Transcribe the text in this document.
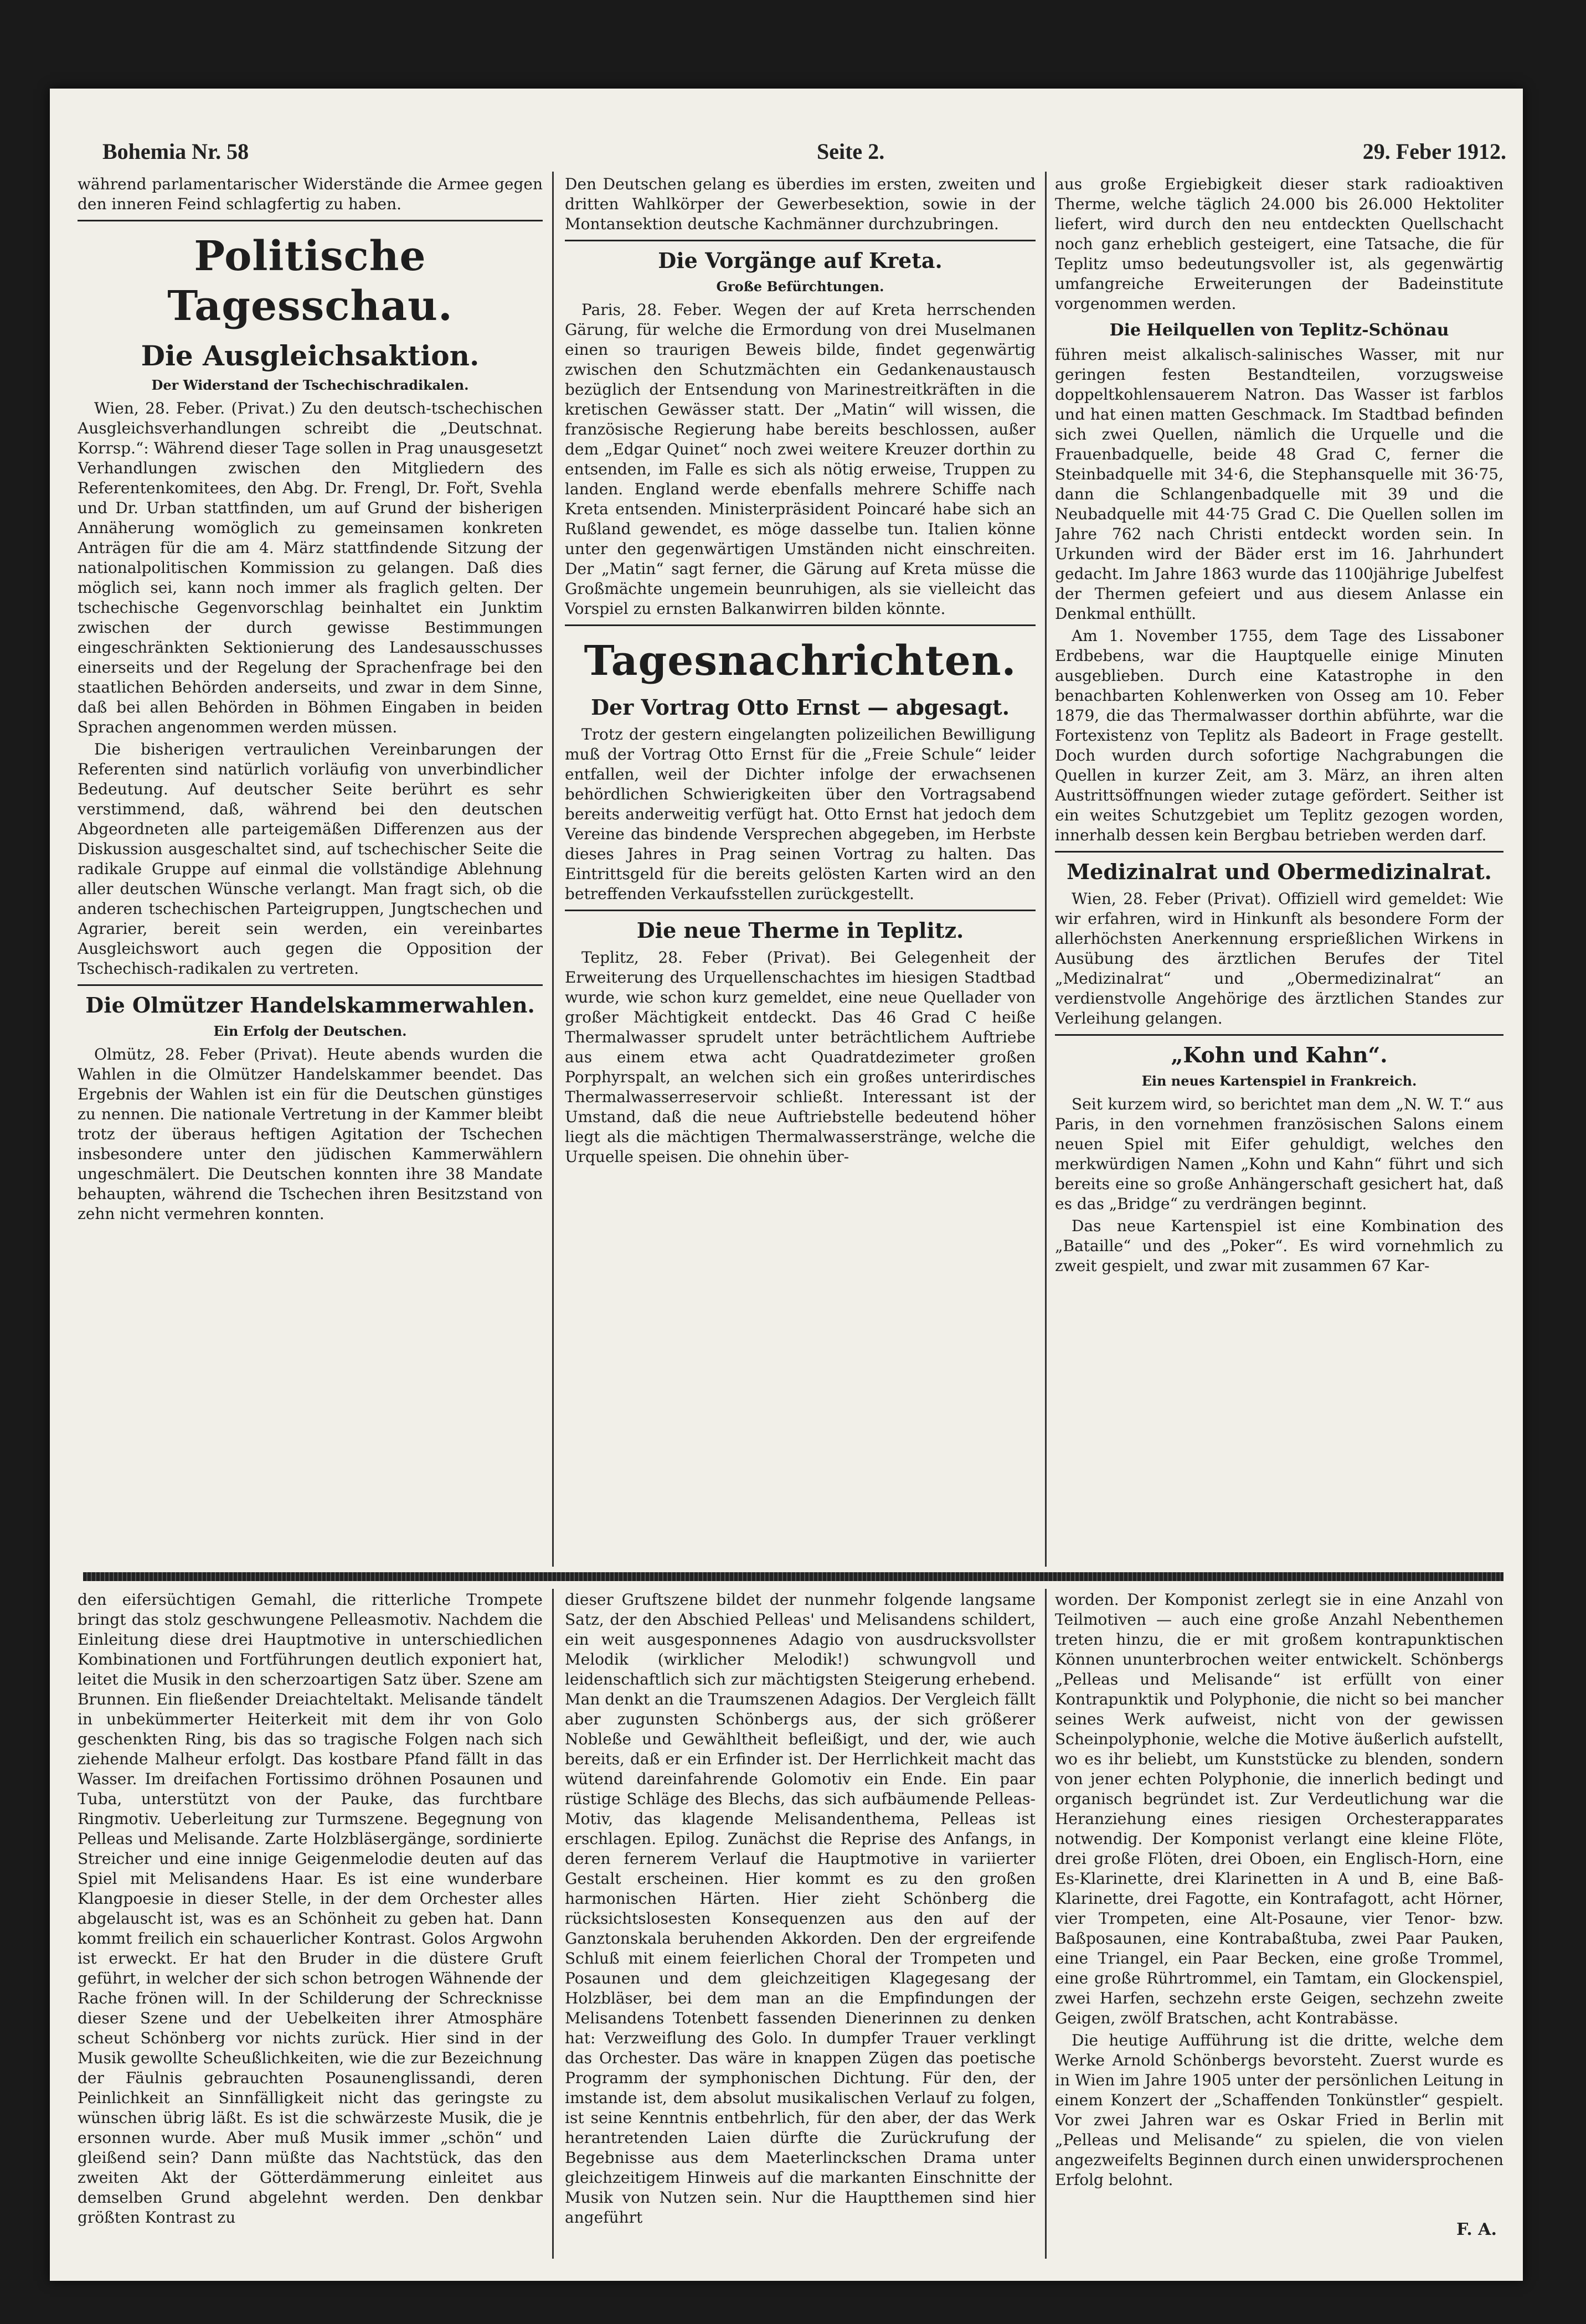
Bohemia Nr. 58	Seite 2.	29. Feber 1912.

während parlamentarischer Widerstände die Armee gegen den inneren Feind schlagfertig zu haben.

Politische Tagesschau.
Die Ausgleichsaktion.
Der Widerstand der Tschechischradikalen.

Wien, 28. Feber. (Privat.) Zu den deutsch-tschechischen Ausgleichsverhandlungen schreibt die „Deutschnat. Korrsp.“: Während dieser Tage sollen in Prag unausgesetzt Verhandlungen zwischen den Mitgliedern des Referentenkomitees, den Abg. Dr. Frengl, Dr. Fořt, Svehla und Dr. Urban stattfinden, um auf Grund der bisherigen Annäherung womöglich zu gemeinsamen konkreten Anträgen für die am 4. März stattfindende Sitzung der nationalpolitischen Kommission zu gelangen. Daß dies möglich sei, kann noch immer als fraglich gelten. Der tschechische Gegenvorschlag beinhaltet ein Junktim zwischen der durch gewisse Bestimmungen eingeschränkten Sektionierung des Landesausschusses einerseits und der Regelung der Sprachenfrage bei den staatlichen Behörden anderseits, und zwar in dem Sinne, daß bei allen Behörden in Böhmen Eingaben in beiden Sprachen angenommen werden müssen.

Die bisherigen vertraulichen Vereinbarungen der Referenten sind natürlich vorläufig von unverbindlicher Bedeutung. Auf deutscher Seite berührt es sehr verstimmend, daß, während bei den deutschen Abgeordneten alle parteigemäßen Differenzen aus der Diskussion ausgeschaltet sind, auf tschechischer Seite die radikale Gruppe auf einmal die vollständige Ablehnung aller deutschen Wünsche verlangt. Man fragt sich, ob die anderen tschechischen Parteigruppen, Jungtschechen und Agrarier, bereit sein werden, ein vereinbartes Ausgleichswort auch gegen die Opposition der Tschechisch-radikalen zu vertreten.

Die Olmützer Handelskammerwahlen.
Ein Erfolg der Deutschen.

Olmütz, 28. Feber (Privat). Heute abends wurden die Wahlen in die Olmützer Handelskammer beendet. Das Ergebnis der Wahlen ist ein für die Deutschen günstiges zu nennen. Die nationale Vertretung in der Kammer bleibt trotz der überaus heftigen Agitation der Tschechen insbesondere unter den jüdischen Kammerwählern ungeschmälert. Die Deutschen konnten ihre 38 Mandate behaupten, während die Tschechen ihren Besitzstand von zehn nicht vermehren konnten.

Den Deutschen gelang es überdies im ersten, zweiten und dritten Wahlkörper der Gewerbesektion, sowie in der Montansektion deutsche Kachmänner durchzubringen.

Die Vorgänge auf Kreta.
Große Befürchtungen.

Paris, 28. Feber. Wegen der auf Kreta herrschenden Gärung, für welche die Ermordung von drei Muselmanen einen so traurigen Beweis bilde, findet gegenwärtig zwischen den Schutzmächten ein Gedankenaustausch bezüglich der Entsendung von Marinestreitkräften in die kretischen Gewässer statt. Der „Matin“ will wissen, die französische Regierung habe bereits beschlossen, außer dem „Edgar Quinet“ noch zwei weitere Kreuzer dorthin zu entsenden, im Falle es sich als nötig erweise, Truppen zu landen. England werde ebenfalls mehrere Schiffe nach Kreta entsenden. Ministerpräsident Poincaré habe sich an Rußland gewendet, es möge dasselbe tun. Italien könne unter den gegenwärtigen Umständen nicht einschreiten. Der „Matin“ sagt ferner, die Gärung auf Kreta müsse die Großmächte ungemein beunruhigen, als sie vielleicht das Vorspiel zu ernsten Balkanwirren bilden könnte.

Tagesnachrichten.
Der Vortrag Otto Ernst — abgesagt.

Trotz der gestern eingelangten polizeilichen Bewilligung muß der Vortrag Otto Ernst für die „Freie Schule“ leider entfallen, weil der Dichter infolge der erwachsenen behördlichen Schwierigkeiten über den Vortragsabend bereits anderweitig verfügt hat. Otto Ernst hat jedoch dem Vereine das bindende Versprechen abgegeben, im Herbste dieses Jahres in Prag seinen Vortrag zu halten. Das Eintrittsgeld für die bereits gelösten Karten wird an den betreffenden Verkaufsstellen zurückgestellt.

Die neue Therme in Teplitz.

Teplitz, 28. Feber (Privat). Bei Gelegenheit der Erweiterung des Urquellenschachtes im hiesigen Stadtbad wurde, wie schon kurz gemeldet, eine neue Quellader von großer Mächtigkeit entdeckt. Das 46 Grad C heiße Thermalwasser sprudelt unter beträchtlichem Auftriebe aus einem etwa acht Quadratdezimeter großen Porphyrspalt, an welchen sich ein großes unterirdisches Thermalwasserreservoir schließt. Interessant ist der Umstand, daß die neue Auftriebstelle bedeutend höher liegt als die mächtigen Thermalwasserstränge, welche die Urquelle speisen. Die ohnehin über-

aus große Ergiebigkeit dieser stark radioaktiven Therme, welche täglich 24.000 bis 26.000 Hektoliter liefert, wird durch den neu entdeckten Quellschacht noch ganz erheblich gesteigert, eine Tatsache, die für Teplitz umso bedeutungsvoller ist, als gegenwärtig umfangreiche Erweiterungen der Badeinstitute vorgenommen werden.

Die Heilquellen von Teplitz-Schönau

führen meist alkalisch-salinisches Wasser, mit nur geringen festen Bestandteilen, vorzugsweise doppeltkohlensauerem Natron. Das Wasser ist farblos und hat einen matten Geschmack. Im Stadtbad befinden sich zwei Quellen, nämlich die Urquelle und die Frauenbadquelle, beide 48 Grad C, ferner die Steinbadquelle mit 34·6, die Stephansquelle mit 36·75, dann die Schlangenbadquelle mit 39 und die Neubadquelle mit 44·75 Grad C. Die Quellen sollen im Jahre 762 nach Christi entdeckt worden sein. In Urkunden wird der Bäder erst im 16. Jahrhundert gedacht. Im Jahre 1863 wurde das 1100jährige Jubelfest der Thermen gefeiert und aus diesem Anlasse ein Denkmal enthüllt.

Am 1. November 1755, dem Tage des Lissaboner Erdbebens, war die Hauptquelle einige Minuten ausgeblieben. Durch eine Katastrophe in den benachbarten Kohlenwerken von Osseg am 10. Feber 1879, die das Thermalwasser dorthin abführte, war die Fortexistenz von Teplitz als Badeort in Frage gestellt. Doch wurden durch sofortige Nachgrabungen die Quellen in kurzer Zeit, am 3. März, an ihren alten Austrittsöffnungen wieder zutage gefördert. Seither ist ein weites Schutzgebiet um Teplitz gezogen worden, innerhalb dessen kein Bergbau betrieben werden darf.

Medizinalrat und Obermedizinalrat.

Wien, 28. Feber (Privat). Offiziell wird gemeldet: Wie wir erfahren, wird in Hinkunft als besondere Form der allerhöchsten Anerkennung ersprießlichen Wirkens in Ausübung des ärztlichen Berufes der Titel „Medizinalrat“ und „Obermedizinalrat“ an verdienstvolle Angehörige des ärztlichen Standes zur Verleihung gelangen.

„Kohn und Kahn“.
Ein neues Kartenspiel in Frankreich.

Seit kurzem wird, so berichtet man dem „N. W. T.“ aus Paris, in den vornehmen französischen Salons einem neuen Spiel mit Eifer gehuldigt, welches den merkwürdigen Namen „Kohn und Kahn“ führt und sich bereits eine so große Anhängerschaft gesichert hat, daß es das „Bridge“ zu verdrängen beginnt.

Das neue Kartenspiel ist eine Kombination des „Bataille“ und des „Poker“. Es wird vornehmlich zu zweit gespielt, und zwar mit zusammen 67 Kar-

den eifersüchtigen Gemahl, die ritterliche Trompete bringt das stolz geschwungene Pelleasmotiv. Nachdem die Einleitung diese drei Hauptmotive in unterschiedlichen Kombinationen und Fortführungen deutlich exponiert hat, leitet die Musik in den scherzoartigen Satz über. Szene am Brunnen. Ein fließender Dreiachteltakt. Melisande tändelt in unbekümmerter Heiterkeit mit dem ihr von Golo geschenkten Ring, bis das so tragische Folgen nach sich ziehende Malheur erfolgt. Das kostbare Pfand fällt in das Wasser. Im dreifachen Fortissimo dröhnen Posaunen und Tuba, unterstützt von der Pauke, das furchtbare Ringmotiv. Ueberleitung zur Turmszene. Begegnung von Pelleas und Melisande. Zarte Holzbläsergänge, sordinierte Streicher und eine innige Geigenmelodie deuten auf das Spiel mit Melisandens Haar. Es ist eine wunderbare Klangpoesie in dieser Stelle, in der dem Orchester alles abgelauscht ist, was es an Schönheit zu geben hat. Dann kommt freilich ein schauerlicher Kontrast. Golos Argwohn ist erweckt. Er hat den Bruder in die düstere Gruft geführt, in welcher der sich schon betrogen Wähnende der Rache frönen will. In der Schilderung der Schrecknisse dieser Szene und der Uebelkeiten ihrer Atmosphäre scheut Schönberg vor nichts zurück. Hier sind in der Musik gewollte Scheußlichkeiten, wie die zur Bezeichnung der Fäulnis gebrauchten Posaunenglissandi, deren Peinlichkeit an Sinnfälligkeit nicht das geringste zu wünschen übrig läßt. Es ist die schwärzeste Musik, die je ersonnen wurde. Aber muß Musik immer „schön“ und gleißend sein? Dann müßte das Nachtstück, das den zweiten Akt der Götterdämmerung einleitet aus demselben Grund abgelehnt werden. Den denkbar größten Kontrast zu

dieser Gruftszene bildet der nunmehr folgende langsame Satz, der den Abschied Pelleas' und Melisandens schildert, ein weit ausgesponnenes Adagio von ausdrucksvollster Melodik (wirklicher Melodik!) schwungvoll und leidenschaftlich sich zur mächtigsten Steigerung erhebend. Man denkt an die Traumszenen Adagios. Der Vergleich fällt aber zugunsten Schönbergs aus, der sich größerer Nobleße und Gewähltheit befleißigt, und der, wie auch bereits, daß er ein Erfinder ist. Der Herrlichkeit macht das wütend dareinfahrende Golomotiv ein Ende. Ein paar rüstige Schläge des Blechs, das sich aufbäumende Pelleas-Motiv, das klagende Melisandenthema, Pelleas ist erschlagen. Epilog. Zunächst die Reprise des Anfangs, in deren fernerem Verlauf die Hauptmotive in variierter Gestalt erscheinen. Hier kommt es zu den großen harmonischen Härten. Hier zieht Schönberg die rücksichtslosesten Konsequenzen aus den auf der Ganztonskala beruhenden Akkorden. Den der ergreifende Schluß mit einem feierlichen Choral der Trompeten und Posaunen und dem gleichzeitigen Klagegesang der Holzbläser, bei dem man an die Empfindungen der Melisandens Totenbett fassenden Dienerinnen zu denken hat: Verzweiflung des Golo. In dumpfer Trauer verklingt das Orchester. Das wäre in knappen Zügen das poetische Programm der symphonischen Dichtung. Für den, der imstande ist, dem absolut musikalischen Verlauf zu folgen, ist seine Kenntnis entbehrlich, für den aber, der das Werk herantretenden Laien dürfte die Zurückrufung der Begebnisse aus dem Maeterlinckschen Drama unter gleichzeitigem Hinweis auf die markanten Einschnitte der Musik von Nutzen sein. Nur die Hauptthemen sind hier angeführt

worden. Der Komponist zerlegt sie in eine Anzahl von Teilmotiven — auch eine große Anzahl Nebenthemen treten hinzu, die er mit großem kontrapunktischen Können ununterbrochen weiter entwickelt. Schönbergs „Pelleas und Melisande“ ist erfüllt von einer Kontrapunktik und Polyphonie, die nicht so bei mancher seines Werk aufweist, nicht von der gewissen Scheinpolyphonie, welche die Motive äußerlich aufstellt, wo es ihr beliebt, um Kunststücke zu blenden, sondern von jener echten Polyphonie, die innerlich bedingt und organisch begründet ist. Zur Verdeutlichung war die Heranziehung eines riesigen Orchesterapparates notwendig. Der Komponist verlangt eine kleine Flöte, drei große Flöten, drei Oboen, ein Englisch-Horn, eine Es-Klarinette, drei Klarinetten in A und B, eine Baß-Klarinette, drei Fagotte, ein Kontrafagott, acht Hörner, vier Trompeten, eine Alt-Posaune, vier Tenor- bzw. Baßposaunen, eine Kontrabaßtuba, zwei Paar Pauken, eine Triangel, ein Paar Becken, eine große Trommel, eine große Rührtrommel, ein Tamtam, ein Glockenspiel, zwei Harfen, sechzehn erste Geigen, sechzehn zweite Geigen, zwölf Bratschen, acht Kontrabässe.

Die heutige Aufführung ist die dritte, welche dem Werke Arnold Schönbergs bevorsteht. Zuerst wurde es in Wien im Jahre 1905 unter der persönlichen Leitung in einem Konzert der „Schaffenden Tonkünstler“ gespielt. Vor zwei Jahren war es Oskar Fried in Berlin mit „Pelleas und Melisande“ zu spielen, die von vielen angezweifelts Beginnen durch einen unwidersprochenen Erfolg belohnt.

F. A.
